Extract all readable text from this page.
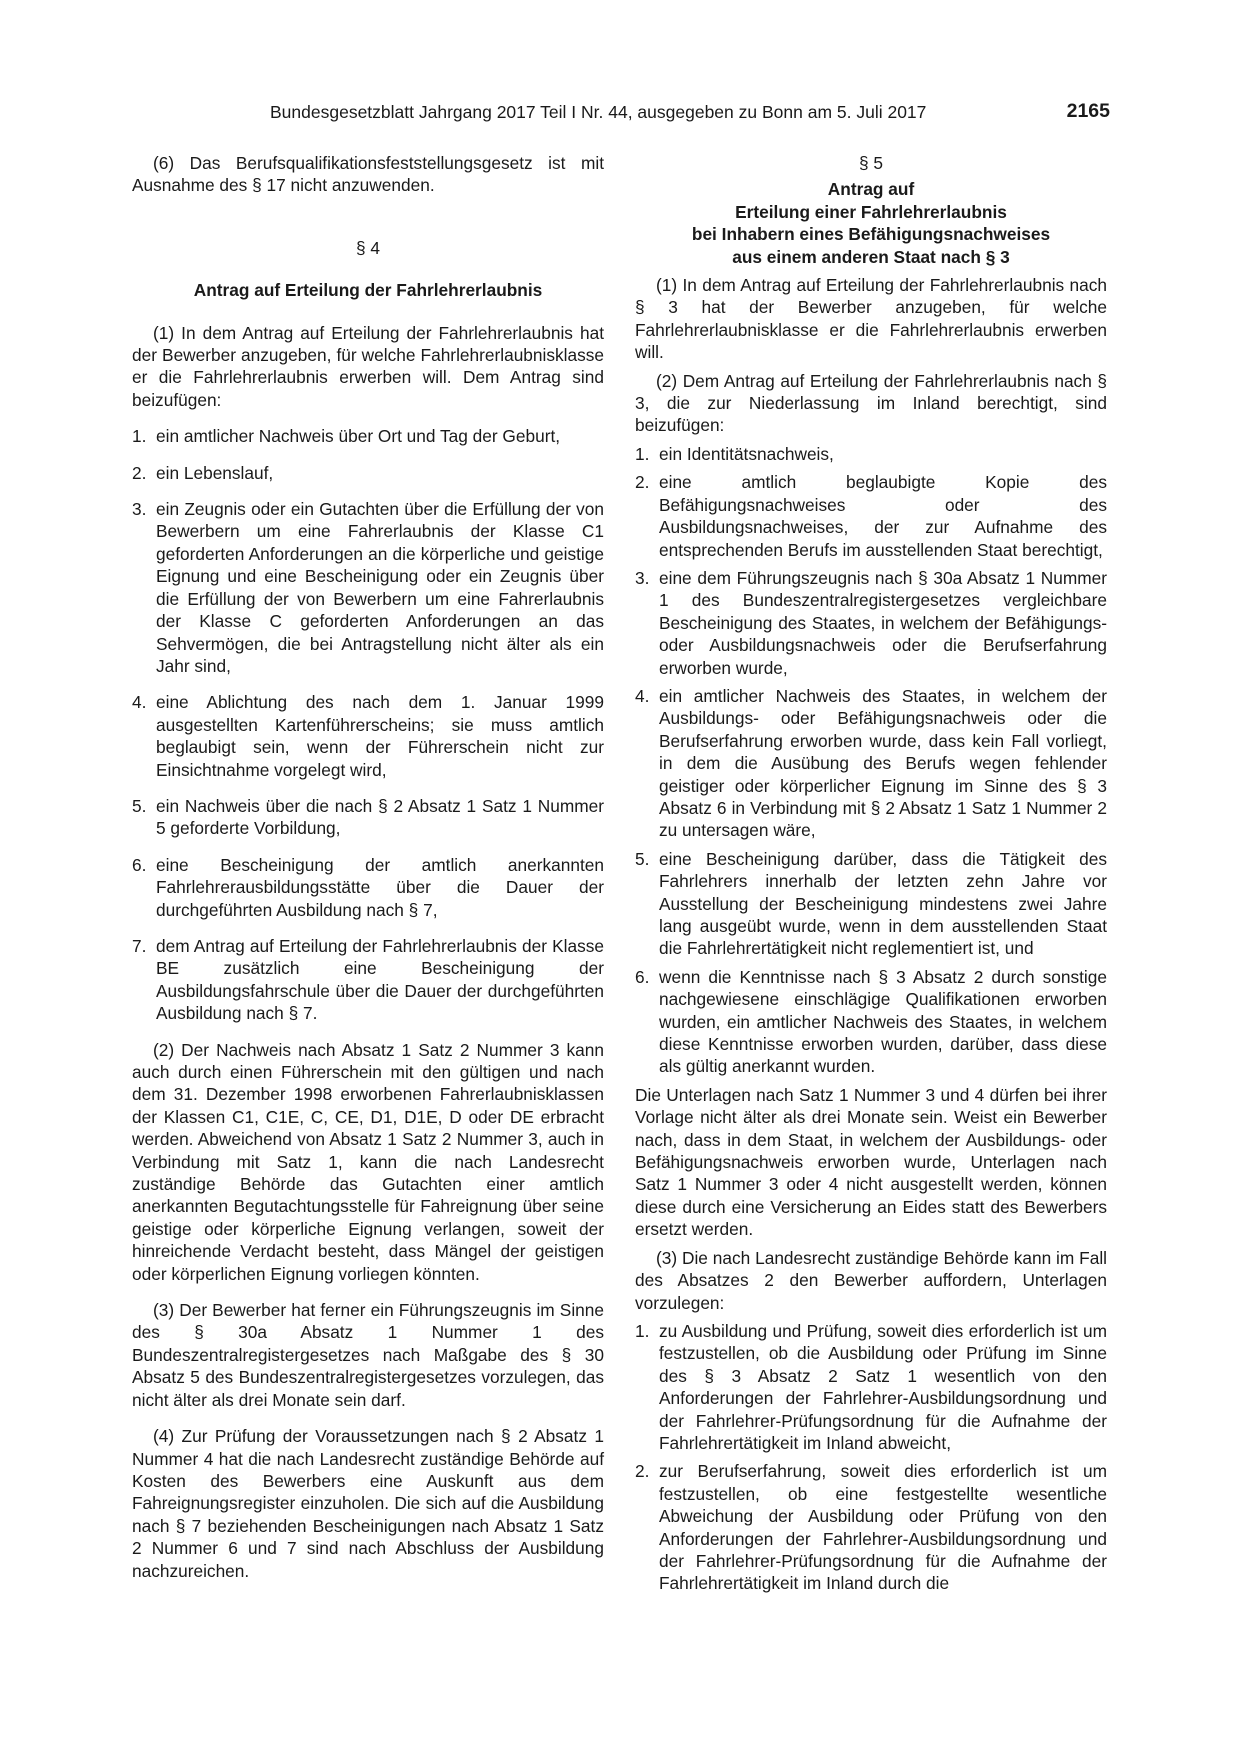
Bundesgesetzblatt Jahrgang 2017 Teil I Nr. 44, ausgegeben zu Bonn am 5. Juli 2017	2165

(6) Das Berufsqualifikationsfeststellungsgesetz ist mit Ausnahme des § 17 nicht anzuwenden.

§ 4

Antrag auf Erteilung der Fahrlehrerlaubnis

(1) In dem Antrag auf Erteilung der Fahrlehrerlaubnis hat der Bewerber anzugeben, für welche Fahrlehrerlaubnisklasse er die Fahrlehrerlaubnis erwerben will. Dem Antrag sind beizufügen:

1. ein amtlicher Nachweis über Ort und Tag der Geburt,
2. ein Lebenslauf,
3. ein Zeugnis oder ein Gutachten über die Erfüllung der von Bewerbern um eine Fahrerlaubnis der Klasse C1 geforderten Anforderungen an die körperliche und geistige Eignung und eine Bescheinigung oder ein Zeugnis über die Erfüllung der von Bewerbern um eine Fahrerlaubnis der Klasse C geforderten Anforderungen an das Sehvermögen, die bei Antragstellung nicht älter als ein Jahr sind,
4. eine Ablichtung des nach dem 1. Januar 1999 ausgestellten Kartenführerscheins; sie muss amtlich beglaubigt sein, wenn der Führerschein nicht zur Einsichtnahme vorgelegt wird,
5. ein Nachweis über die nach § 2 Absatz 1 Satz 1 Nummer 5 geforderte Vorbildung,
6. eine Bescheinigung der amtlich anerkannten Fahrlehrerausbildungsstätte über die Dauer der durchgeführten Ausbildung nach § 7,
7. dem Antrag auf Erteilung der Fahrlehrerlaubnis der Klasse BE zusätzlich eine Bescheinigung der Ausbildungsfahrschule über die Dauer der durchgeführten Ausbildung nach § 7.

(2) Der Nachweis nach Absatz 1 Satz 2 Nummer 3 kann auch durch einen Führerschein mit den gültigen und nach dem 31. Dezember 1998 erworbenen Fahrerlaubnisklassen der Klassen C1, C1E, C, CE, D1, D1E, D oder DE erbracht werden. Abweichend von Absatz 1 Satz 2 Nummer 3, auch in Verbindung mit Satz 1, kann die nach Landesrecht zuständige Behörde das Gutachten einer amtlich anerkannten Begutachtungsstelle für Fahreignung über seine geistige oder körperliche Eignung verlangen, soweit der hinreichende Verdacht besteht, dass Mängel der geistigen oder körperlichen Eignung vorliegen könnten.

(3) Der Bewerber hat ferner ein Führungszeugnis im Sinne des § 30a Absatz 1 Nummer 1 des Bundeszentralregistergesetzes nach Maßgabe des § 30 Absatz 5 des Bundeszentralregistergesetzes vorzulegen, das nicht älter als drei Monate sein darf.

(4) Zur Prüfung der Voraussetzungen nach § 2 Absatz 1 Nummer 4 hat die nach Landesrecht zuständige Behörde auf Kosten des Bewerbers eine Auskunft aus dem Fahreignungsregister einzuholen. Die sich auf die Ausbildung nach § 7 beziehenden Bescheinigungen nach Absatz 1 Satz 2 Nummer 6 und 7 sind nach Abschluss der Ausbildung nachzureichen.

§ 5

Antrag auf

Erteilung einer Fahrlehrerlaubnis

bei Inhabern eines Befähigungsnachweises

aus einem anderen Staat nach § 3

(1) In dem Antrag auf Erteilung der Fahrlehrerlaubnis nach § 3 hat der Bewerber anzugeben, für welche Fahrlehrerlaubnisklasse er die Fahrlehrerlaubnis erwerben will.

(2) Dem Antrag auf Erteilung der Fahrlehrerlaubnis nach § 3, die zur Niederlassung im Inland berechtigt, sind beizufügen:

1. ein Identitätsnachweis,
2. eine amtlich beglaubigte Kopie des Befähigungsnachweises oder des Ausbildungsnachweises, der zur Aufnahme des entsprechenden Berufs im ausstellenden Staat berechtigt,
3. eine dem Führungszeugnis nach § 30a Absatz 1 Nummer 1 des Bundeszentralregistergesetzes vergleichbare Bescheinigung des Staates, in welchem der Befähigungs- oder Ausbildungsnachweis oder die Berufserfahrung erworben wurde,
4. ein amtlicher Nachweis des Staates, in welchem der Ausbildungs- oder Befähigungsnachweis oder die Berufserfahrung erworben wurde, dass kein Fall vorliegt, in dem die Ausübung des Berufs wegen fehlender geistiger oder körperlicher Eignung im Sinne des § 3 Absatz 6 in Verbindung mit § 2 Absatz 1 Satz 1 Nummer 2 zu untersagen wäre,
5. eine Bescheinigung darüber, dass die Tätigkeit des Fahrlehrers innerhalb der letzten zehn Jahre vor Ausstellung der Bescheinigung mindestens zwei Jahre lang ausgeübt wurde, wenn in dem ausstellenden Staat die Fahrlehrertätigkeit nicht reglementiert ist, und
6. wenn die Kenntnisse nach § 3 Absatz 2 durch sonstige nachgewiesene einschlägige Qualifikationen erworben wurden, ein amtlicher Nachweis des Staates, in welchem diese Kenntnisse erworben wurden, darüber, dass diese als gültig anerkannt wurden.

Die Unterlagen nach Satz 1 Nummer 3 und 4 dürfen bei ihrer Vorlage nicht älter als drei Monate sein. Weist ein Bewerber nach, dass in dem Staat, in welchem der Ausbildungs- oder Befähigungsnachweis erworben wurde, Unterlagen nach Satz 1 Nummer 3 oder 4 nicht ausgestellt werden, können diese durch eine Versicherung an Eides statt des Bewerbers ersetzt werden.

(3) Die nach Landesrecht zuständige Behörde kann im Fall des Absatzes 2 den Bewerber auffordern, Unterlagen vorzulegen:

1. zu Ausbildung und Prüfung, soweit dies erforderlich ist um festzustellen, ob die Ausbildung oder Prüfung im Sinne des § 3 Absatz 2 Satz 1 wesentlich von den Anforderungen der Fahrlehrer-Ausbildungsordnung und der Fahrlehrer-Prüfungsordnung für die Aufnahme der Fahrlehrertätigkeit im Inland abweicht,
2. zur Berufserfahrung, soweit dies erforderlich ist um festzustellen, ob eine festgestellte wesentliche Abweichung der Ausbildung oder Prüfung von den Anforderungen der Fahrlehrer-Ausbildungsordnung und der Fahrlehrer-Prüfungsordnung für die Aufnahme der Fahrlehrertätigkeit im Inland durch die
